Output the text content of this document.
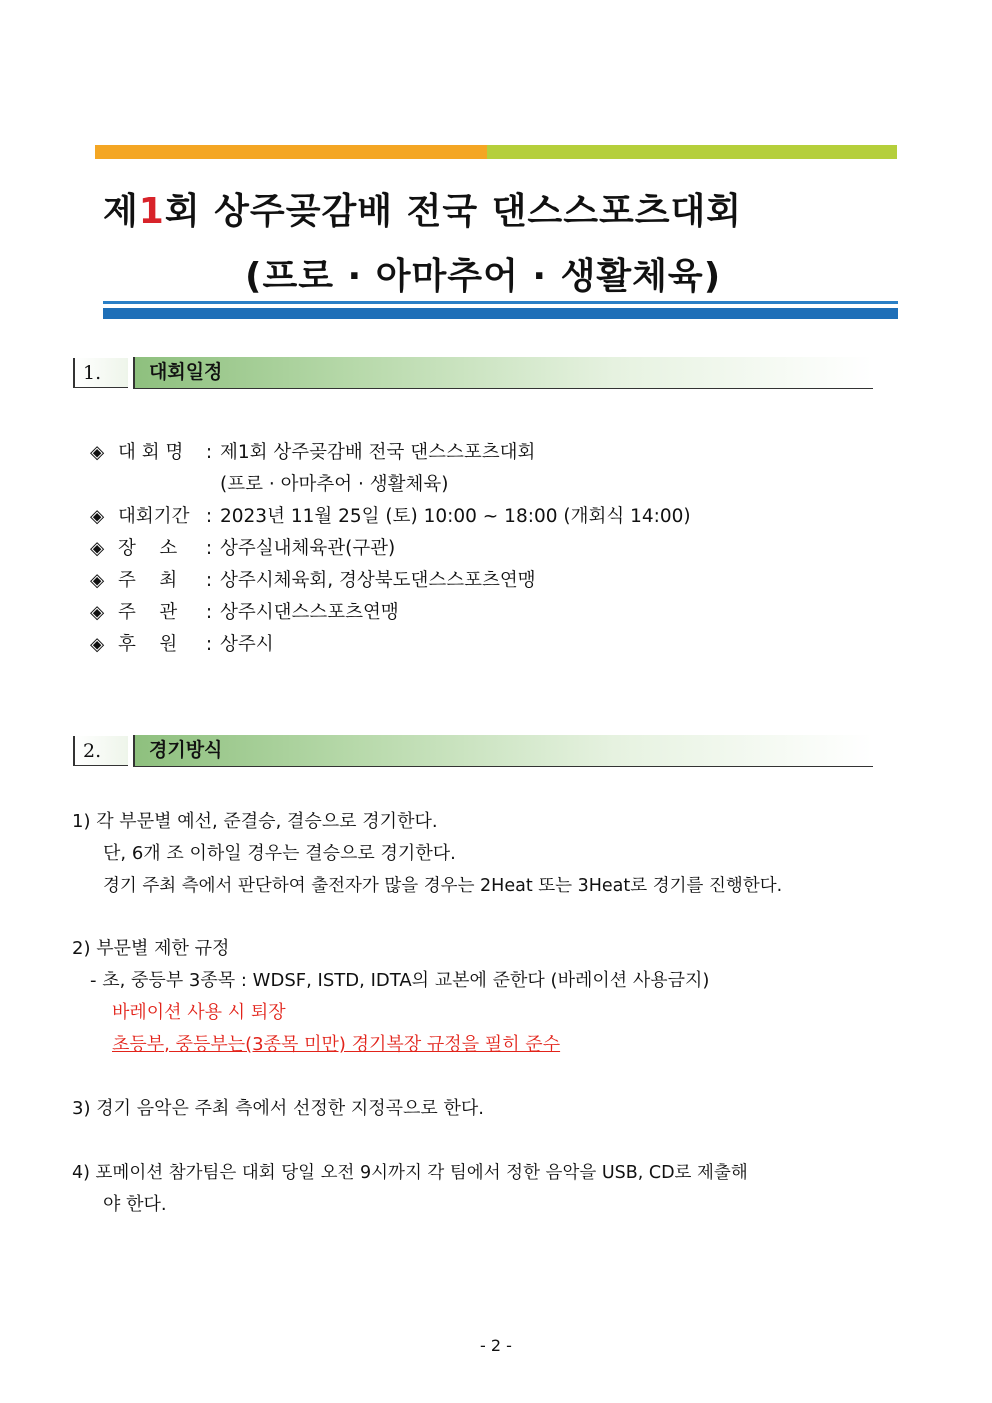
제1회 상주곶감배 전국 댄스스포츠대회
(프로 · 아마추어 · 생활체육)
1.	대회일정
◈ 대 회 명 : 제1회 상주곶감배 전국 댄스스포츠대회
(프로 · 아마추어 · 생활체육)
◈ 대회기간 : 2023년 11월 25일 (토) 10:00 ~ 18:00 (개회식 14:00)
◈ 장    소 : 상주실내체육관(구관)
◈ 주    최 : 상주시체육회, 경상북도댄스스포츠연맹
◈ 주    관 : 상주시댄스스포츠연맹
◈ 후    원 : 상주시
2.	경기방식
1) 각 부문별 예선, 준결승, 결승으로 경기한다.
단, 6개 조 이하일 경우는 결승으로 경기한다.
경기 주최 측에서 판단하여 출전자가 많을 경우는 2Heat 또는 3Heat로 경기를 진행한다.
2) 부문별 제한 규정
- 초, 중등부 3종목 : WDSF, ISTD, IDTA의 교본에 준한다 (바레이션 사용금지)
바레이션 사용 시 퇴장
초등부, 중등부는(3종목 미만) 경기복장 규정을 필히 준수
3) 경기 음악은 주최 측에서 선정한 지정곡으로 한다.
4) 포메이션 참가팀은 대회 당일 오전 9시까지 각 팀에서 정한 음악을 USB, CD로 제출해
야 한다.
- 2 -
